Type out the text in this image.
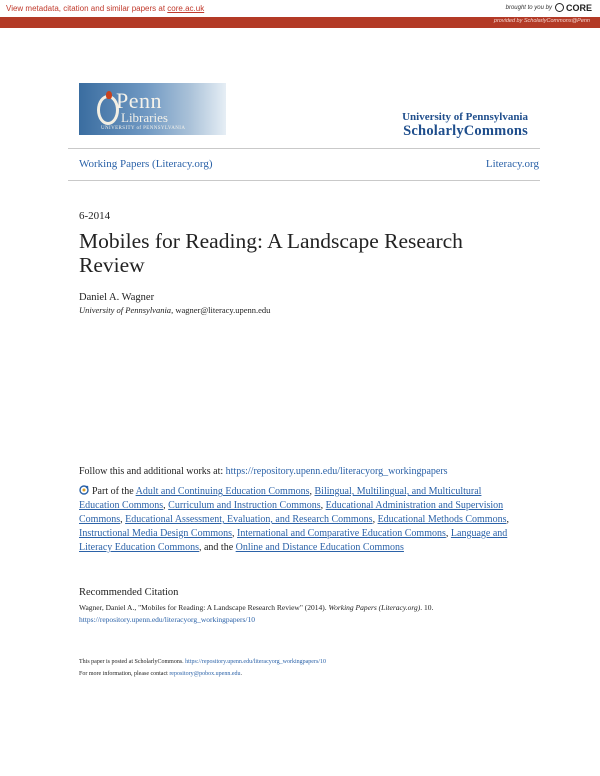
View metadata, citation and similar papers at core.ac.uk	brought to you by	CORE
provided by ScholarlyCommons@Penn
Penn
Libraries
UNIVERSITY of PENNSYLVANIA
University of Pennsylvania
ScholarlyCommons
Working Papers (Literacy.org)	Literacy.org
6-2014
Mobiles for Reading: A Landscape Research Review
Daniel A. Wagner
University of Pennsylvania, wagner@literacy.upenn.edu
Follow this and additional works at: https://repository.upenn.edu/literacyorg_workingpapers
Part of the Adult and Continuing Education Commons, Bilingual, Multilingual, and Multicultural Education Commons, Curriculum and Instruction Commons, Educational Administration and Supervision Commons, Educational Assessment, Evaluation, and Research Commons, Educational Methods Commons, Instructional Media Design Commons, International and Comparative Education Commons, Language and Literacy Education Commons, and the Online and Distance Education Commons
Recommended Citation
Wagner, Daniel A., "Mobiles for Reading: A Landscape Research Review" (2014). Working Papers (Literacy.org). 10.
https://repository.upenn.edu/literacyorg_workingpapers/10
This paper is posted at ScholarlyCommons. https://repository.upenn.edu/literacyorg_workingpapers/10
For more information, please contact repository@pobox.upenn.edu.
